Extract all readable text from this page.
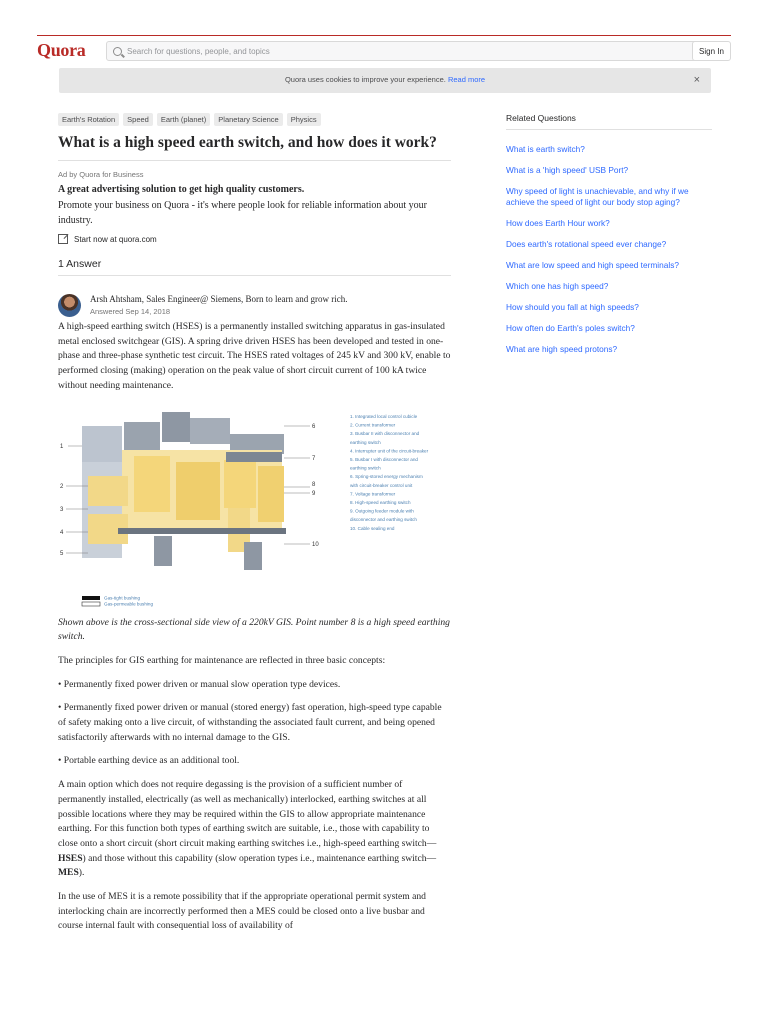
Quora
Search for questions, people, and topics	Sign In
Quora uses cookies to improve your experience. Read more	×
Earth's Rotation	Speed	Earth (planet)	Planetary Science	Physics
What is a high speed earth switch, and how does it work?
Ad by Quora for Business
A great advertising solution to get high quality customers.
Promote your business on Quora - it's where people look for reliable information about your industry.
Start now at quora.com
1 Answer
Arsh Ahtsham, Sales Engineer@ Siemens, Born to learn and grow rich.
Answered Sep 14, 2018

A high-speed earthing switch (HSES) is a permanently installed switching apparatus in gas-insulated metal enclosed switchgear (GIS). A spring drive driven HSES has been developed and tested in one-phase and three-phase synthetic test circuit. The HSES rated voltages of 245 kV and 300 kV, enable to performed closing (making) operation on the peak value of short circuit current of 100 kA twice without needing maintenance.

1
2
3
4
5
6
7
8
9
10
1. Integrated local control cubicle
2. Current transformer
3. Busbar II with disconnector and
earthing switch
4. Interrupter unit of the circuit-breaker
5. Busbar I with disconnector and
earthing switch
6. Spring-stored energy mechanism
with circuit-breaker control unit
7. Voltage transformer
8. High-speed earthing switch
9. Outgoing feeder module with
disconnector and earthing switch
10. Cable sealing end
Gas-tight bushing
Gas-permeable bushing

Shown above is the cross-sectional side view of a 220kV GIS. Point number 8 is a high speed earthing switch.

The principles for GIS earthing for maintenance are reflected in three basic concepts:

• Permanently fixed power driven or manual slow operation type devices.

• Permanently fixed power driven or manual (stored energy) fast operation, high-speed type capable of safety making onto a live circuit, of withstanding the associated fault current, and being opened satisfactorily afterwards with no internal damage to the GIS.

• Portable earthing device as an additional tool.

A main option which does not require degassing is the provision of a sufficient number of permanently installed, electrically (as well as mechanically) interlocked, earthing switches at all possible locations where they may be required within the GIS to allow appropriate maintenance earthing. For this function both types of earthing switch are suitable, i.e., those with capability to close onto a short circuit (short circuit making earthing switches i.e., high-speed earthing switch—HSES) and those without this capability (slow operation types i.e., maintenance earthing switch—MES).

In the use of MES it is a remote possibility that if the appropriate operational permit system and interlocking chain are incorrectly performed then a MES could be closed onto a live busbar and course internal fault with consequential loss of availability of

Related Questions
What is earth switch?
What is a 'high speed' USB Port?
Why speed of light is unachievable, and why if we achieve the speed of light our body stop aging?
How does Earth Hour work?
Does earth's rotational speed ever change?
What are low speed and high speed terminals?
Which one has high speed?
How should you fall at high speeds?
How often do Earth's poles switch?
What are high speed protons?
